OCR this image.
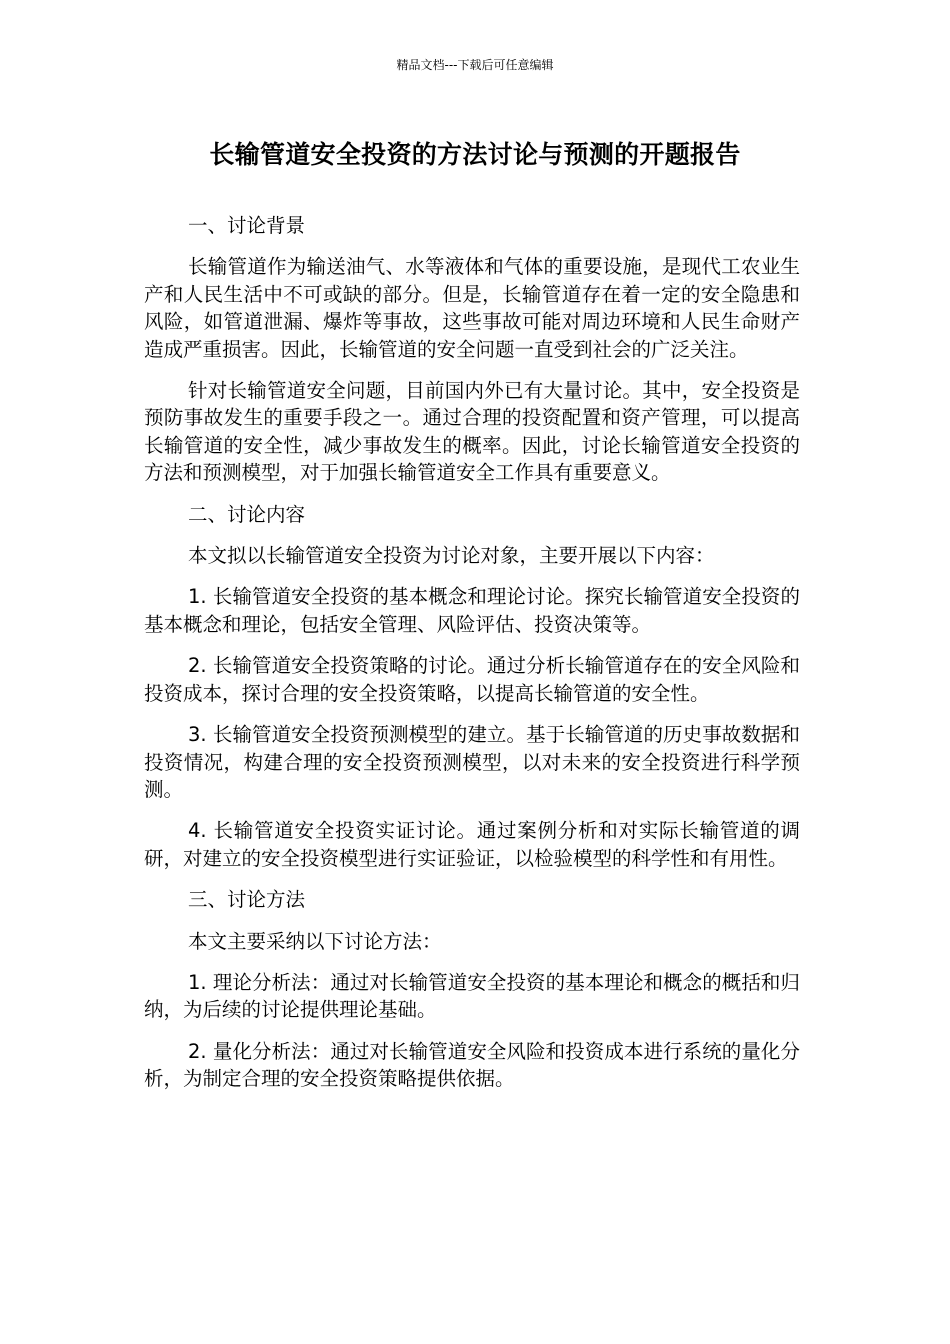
精品文档---下载后可任意编辑
长输管道安全投资的方法讨论与预测的开题报告

一、讨论背景

长输管道作为输送油气、水等液体和气体的重要设施，是现代工农业生产和人民生活中不可或缺的部分。但是，长输管道存在着一定的安全隐患和风险，如管道泄漏、爆炸等事故，这些事故可能对周边环境和人民生命财产造成严重损害。因此，长输管道的安全问题一直受到社会的广泛关注。

针对长输管道安全问题，目前国内外已有大量讨论。其中，安全投资是预防事故发生的重要手段之一。通过合理的投资配置和资产管理，可以提高长输管道的安全性，减少事故发生的概率。因此，讨论长输管道安全投资的方法和预测模型，对于加强长输管道安全工作具有重要意义。

二、讨论内容

本文拟以长输管道安全投资为讨论对象，主要开展以下内容：

1. 长输管道安全投资的基本概念和理论讨论。探究长输管道安全投资的基本概念和理论，包括安全管理、风险评估、投资决策等。

2. 长输管道安全投资策略的讨论。通过分析长输管道存在的安全风险和投资成本，探讨合理的安全投资策略，以提高长输管道的安全性。

3. 长输管道安全投资预测模型的建立。基于长输管道的历史事故数据和投资情况，构建合理的安全投资预测模型，以对未来的安全投资进行科学预测。

4. 长输管道安全投资实证讨论。通过案例分析和对实际长输管道的调研，对建立的安全投资模型进行实证验证，以检验模型的科学性和有用性。

三、讨论方法

本文主要采纳以下讨论方法：

1. 理论分析法：通过对长输管道安全投资的基本理论和概念的概括和归纳，为后续的讨论提供理论基础。

2. 量化分析法：通过对长输管道安全风险和投资成本进行系统的量化分析，为制定合理的安全投资策略提供依据。
